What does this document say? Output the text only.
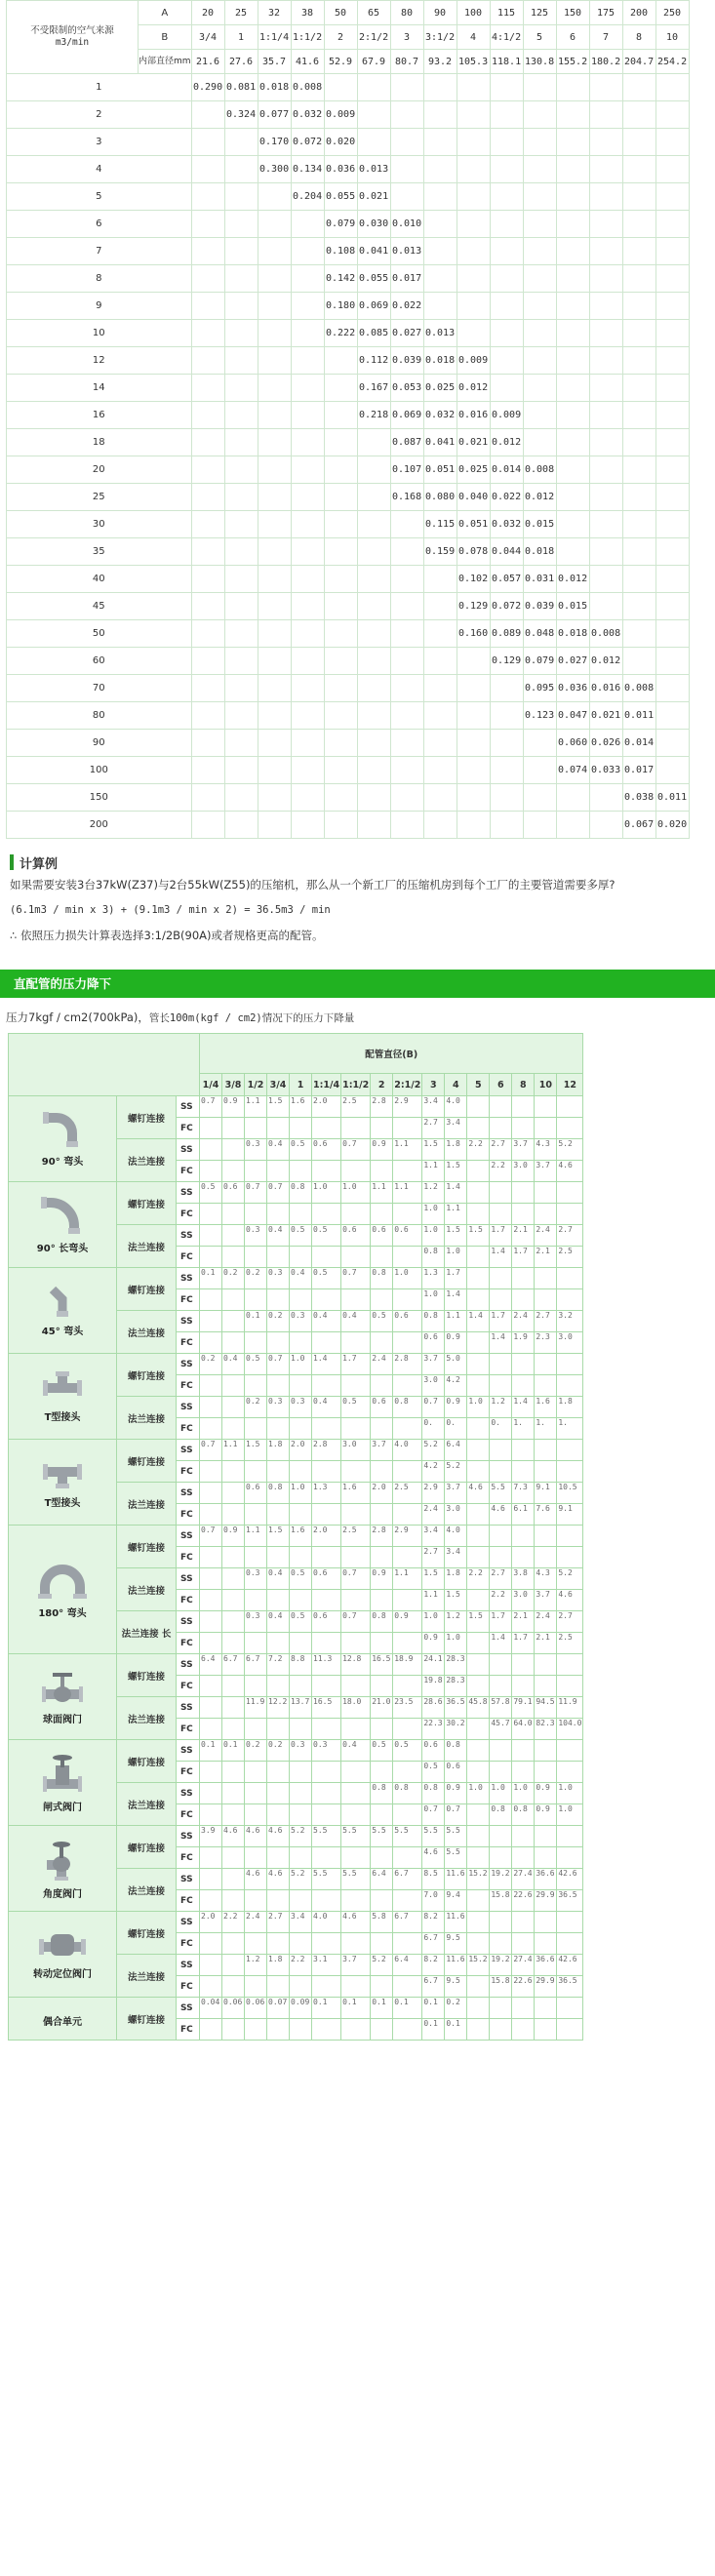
不受限制的空气来源
m3/min	A	20	25	32	38	50	65	80	90	100	115	125	150	175	200	250
	B	3/4	1	1:1/4	1:1/2	2	2:1/2	3	3:1/2	4	4:1/2	5	6	7	8	10
	内部直径mm	21.6	27.6	35.7	41.6	52.9	67.9	80.7	93.2	105.3	118.1	130.8	155.2	180.2	204.7	254.2
1		0.290	0.081	0.018	0.008											
2			0.324	0.077	0.032	0.009										
3				0.170	0.072	0.020										
4				0.300	0.134	0.036	0.013									
5					0.204	0.055	0.021									
6						0.079	0.030	0.010								
7						0.108	0.041	0.013								
8						0.142	0.055	0.017								
9						0.180	0.069	0.022								
10						0.222	0.085	0.027	0.013							
12							0.112	0.039	0.018	0.009						
14							0.167	0.053	0.025	0.012						
16							0.218	0.069	0.032	0.016	0.009					
18								0.087	0.041	0.021	0.012					
20								0.107	0.051	0.025	0.014	0.008				
25								0.168	0.080	0.040	0.022	0.012				
30									0.115	0.051	0.032	0.015				
35									0.159	0.078	0.044	0.018				
40										0.102	0.057	0.031	0.012			
45										0.129	0.072	0.039	0.015			
50										0.160	0.089	0.048	0.018	0.008		
60											0.129	0.079	0.027	0.012		
70												0.095	0.036	0.016	0.008	
80												0.123	0.047	0.021	0.011	
90													0.060	0.026	0.014	
100													0.074	0.033	0.017	
150															0.038	0.011
200															0.067	0.020
计算例

如果需要安装3台37kW(Z37)与2台55kW(Z55)的压缩机，那么从一个新工厂的压缩机房到每个工厂的主要管道需要多厚?

(6.1m3 / min x 3) + (9.1m3 / min x 2) = 36.5m3 / min

∴ 依照压力损失计算表选择3:1/2B(90A)或者规格更高的配管。

直配管的压力降下
压力7kgf / cm2(700kPa)，管长100m(kgf / cm2)情况下的压力下降量
			配管直径(B)															
			1/4	3/8	1/2	3/4	1	1:1/4	1:1/2	2	2:1/2	3	4	5	6	8	10	12

90° 弯头	螺钉连接	SS	0.7	0.9	1.1	1.5	1.6	2.0	2.5	2.8	2.9	3.4	4.0					
		FC										2.7	3.4					
	法兰连接	SS			0.3	0.4	0.5	0.6	0.7	0.9	1.1	1.5	1.8	2.2	2.7	3.7	4.3	5.2
		FC										1.1	1.5		2.2	3.0	3.7	4.6

90° 长弯头	螺钉连接	SS	0.5	0.6	0.7	0.7	0.8	1.0	1.0	1.1	1.1	1.2	1.4					
		FC										1.0	1.1					
	法兰连接	SS			0.3	0.4	0.5	0.5	0.6	0.6	0.6	1.0	1.5	1.5	1.7	2.1	2.4	2.7
		FC										0.8	1.0		1.4	1.7	2.1	2.5

45° 弯头	螺钉连接	SS	0.1	0.2	0.2	0.3	0.4	0.5	0.7	0.8	1.0	1.3	1.7					
		FC										1.0	1.4					
	法兰连接	SS			0.1	0.2	0.3	0.4	0.4	0.5	0.6	0.8	1.1	1.4	1.7	2.4	2.7	3.2
		FC										0.6	0.9		1.4	1.9	2.3	3.0

T型接头	螺钉连接	SS	0.2	0.4	0.5	0.7	1.0	1.4	1.7	2.4	2.8	3.7	5.0					
		FC										3.0	4.2					
	法兰连接	SS			0.2	0.3	0.3	0.4	0.5	0.6	0.8	0.7	0.9	1.0	1.2	1.4	1.6	1.8
		FC										0.	0.		0.	1.	1.	1.

T型接头	螺钉连接	SS	0.7	1.1	1.5	1.8	2.0	2.8	3.0	3.7	4.0	5.2	6.4					
		FC										4.2	5.2					
	法兰连接	SS			0.6	0.8	1.0	1.3	1.6	2.0	2.5	2.9	3.7	4.6	5.5	7.3	9.1	10.5
		FC										2.4	3.0		4.6	6.1	7.6	9.1

180° 弯头	螺钉连接	SS	0.7	0.9	1.1	1.5	1.6	2.0	2.5	2.8	2.9	3.4	4.0					
		FC										2.7	3.4					
	法兰连接	SS			0.3	0.4	0.5	0.6	0.7	0.9	1.1	1.5	1.8	2.2	2.7	3.8	4.3	5.2
		FC										1.1	1.5		2.2	3.0	3.7	4.6
	法兰连接 长	SS			0.3	0.4	0.5	0.6	0.7	0.8	0.9	1.0	1.2	1.5	1.7	2.1	2.4	2.7
		FC										0.9	1.0		1.4	1.7	2.1	2.5

球面阀门	螺钉连接	SS	6.4	6.7	6.7	7.2	8.8	11.3	12.8	16.5	18.9	24.1	28.3					
		FC										19.8	28.3					
	法兰连接	SS			11.9	12.2	13.7	16.5	18.0	21.0	23.5	28.6	36.5	45.8	57.8	79.1	94.5	11.9
		FC										22.3	30.2		45.7	64.0	82.3	104.0

闸式阀门	螺钉连接	SS	0.1	0.1	0.2	0.2	0.3	0.3	0.4	0.5	0.5	0.6	0.8					
		FC										0.5	0.6					
	法兰连接	SS								0.8	0.8	0.8	0.9	1.0	1.0	1.0	0.9	1.0
		FC										0.7	0.7		0.8	0.8	0.9	1.0

角度阀门	螺钉连接	SS	3.9	4.6	4.6	4.6	5.2	5.5	5.5	5.5	5.5	5.5	5.5					
		FC										4.6	5.5					
	法兰连接	SS			4.6	4.6	5.2	5.5	5.5	6.4	6.7	8.5	11.6	15.2	19.2	27.4	36.6	42.6
		FC										7.0	9.4		15.8	22.6	29.9	36.5

转动定位阀门	螺钉连接	SS	2.0	2.2	2.4	2.7	3.4	4.0	4.6	5.8	6.7	8.2	11.6					
		FC										6.7	9.5					
	法兰连接	SS			1.2	1.8	2.2	3.1	3.7	5.2	6.4	8.2	11.6	15.2	19.2	27.4	36.6	42.6
		FC										6.7	9.5		15.8	22.6	29.9	36.5

偶合单元	螺钉连接	SS	0.04	0.06	0.06	0.07	0.09	0.1	0.1	0.1	0.1	0.1	0.2					
		FC										0.1	0.1					
